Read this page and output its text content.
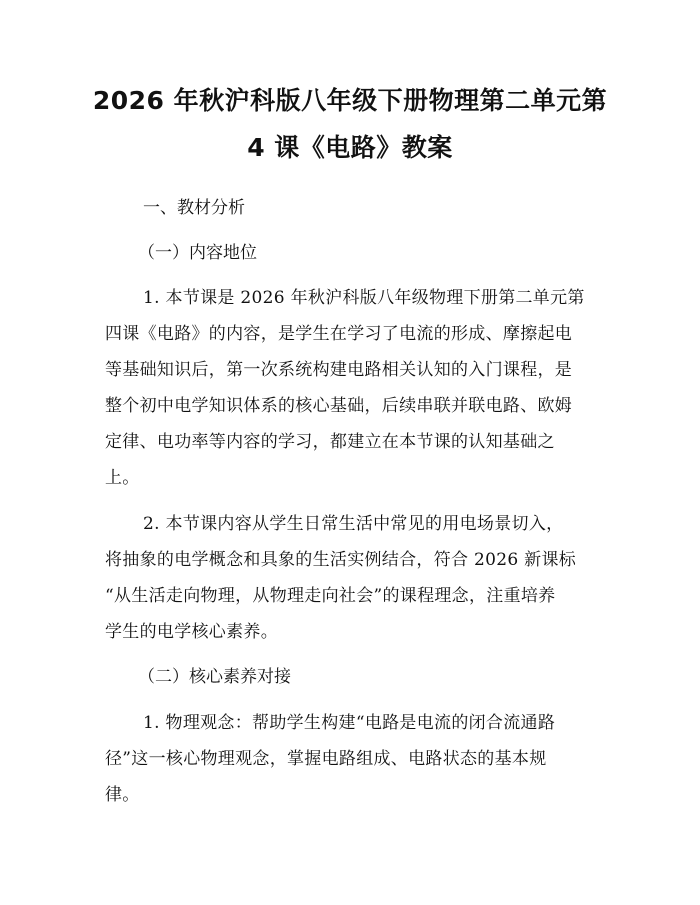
2026 年秋沪科版八年级下册物理第二单元第
4 课《电路》教案
一、教材分析
（一）内容地位
1. 本节课是 2026 年秋沪科版八年级物理下册第二单元第
四课《电路》的内容，是学生在学习了电流的形成、摩擦起电
等基础知识后，第一次系统构建电路相关认知的入门课程，是
整个初中电学知识体系的核心基础，后续串联并联电路、欧姆
定律、电功率等内容的学习，都建立在本节课的认知基础之
上。
2. 本节课内容从学生日常生活中常见的用电场景切入，
将抽象的电学概念和具象的生活实例结合，符合 2026 新课标
“从生活走向物理，从物理走向社会”的课程理念，注重培养
学生的电学核心素养。
（二）核心素养对接
1. 物理观念：帮助学生构建“电路是电流的闭合流通路
径”这一核心物理观念，掌握电路组成、电路状态的基本规
律。
